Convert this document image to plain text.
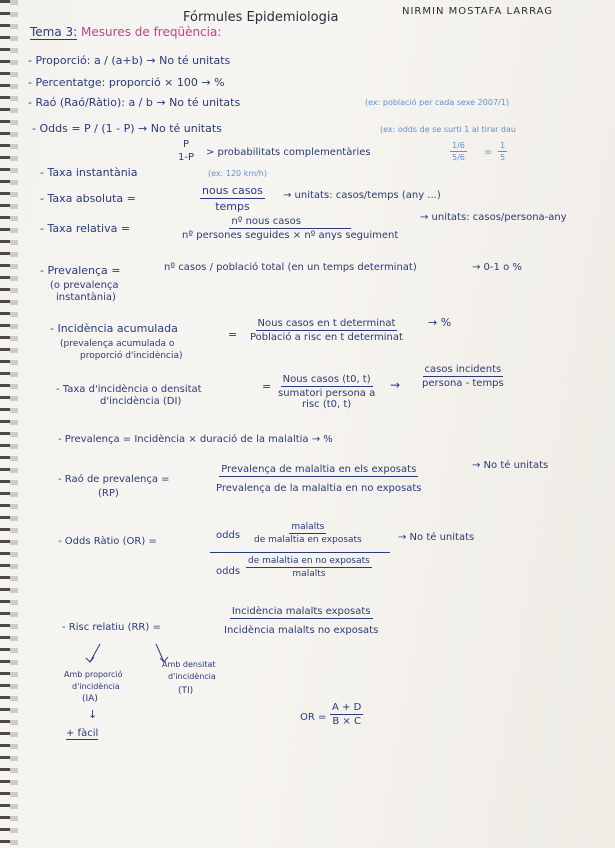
Fórmules Epidemiologia	NIRMIN MOSTAFA LARRAG
Tema 3: Mesures de freqüència:
- Proporció: a / (a+b) → No té unitats
- Percentatge: proporció × 100 → %
- Raó (Raó/Ràtio): a / b → No té unitats	(ex: població per cada sexe 2007/1)
- Odds = P / (1 - P) → No té unitats	(ex: odds de se surti 1 al tirar dau
P
1-P > probabilitats complementàries	$\frac{1/6}{5/6} = \frac{1}{5}$
- Taxa instantània	(ex: 120 km/h)
- Taxa absoluta =
nous casos
temps
→ unitats: casos/temps (any ...)
- Taxa relativa =
nº nous casos
nº persones seguides × nº anys seguiment
→ unitats: casos/persona-any
- Prevalença =	nº casos / població total (en un temps determinat)	→ 0-1 o %
(o prevalença
instantània)
- Incidència acumulada
(prevalença acumulada o
proporció d'incidència)
=
Nous casos en t determinat
Població a risc en t determinat
→ %
- Taxa d'incidència o densitat
d'incidència (DI)
=
Nous casos (t0, t)
sumatori persona a
risc (t0, t)
→
casos incidents
persona - temps
- Prevalença = Incidència × duració de la malaltia → %
- Raó de prevalença =
(RP)
Prevalença de malaltia en els exposats
Prevalença de la malaltia en no exposats
→ No té unitats
- Odds Ràtio (OR) =
odds
malalts
de malaltia en exposats
odds
de malaltia en no exposats
malalts
→ No té unitats
- Risc relatiu (RR) =
Incidència malalts exposats
Incidència malalts no exposats
Amb proporció
d'incidència
(IA)
Amb densitat
d'incidència
(TI)
↓
+ fàcil
OR = $\frac{A + D}{B \times C}$
